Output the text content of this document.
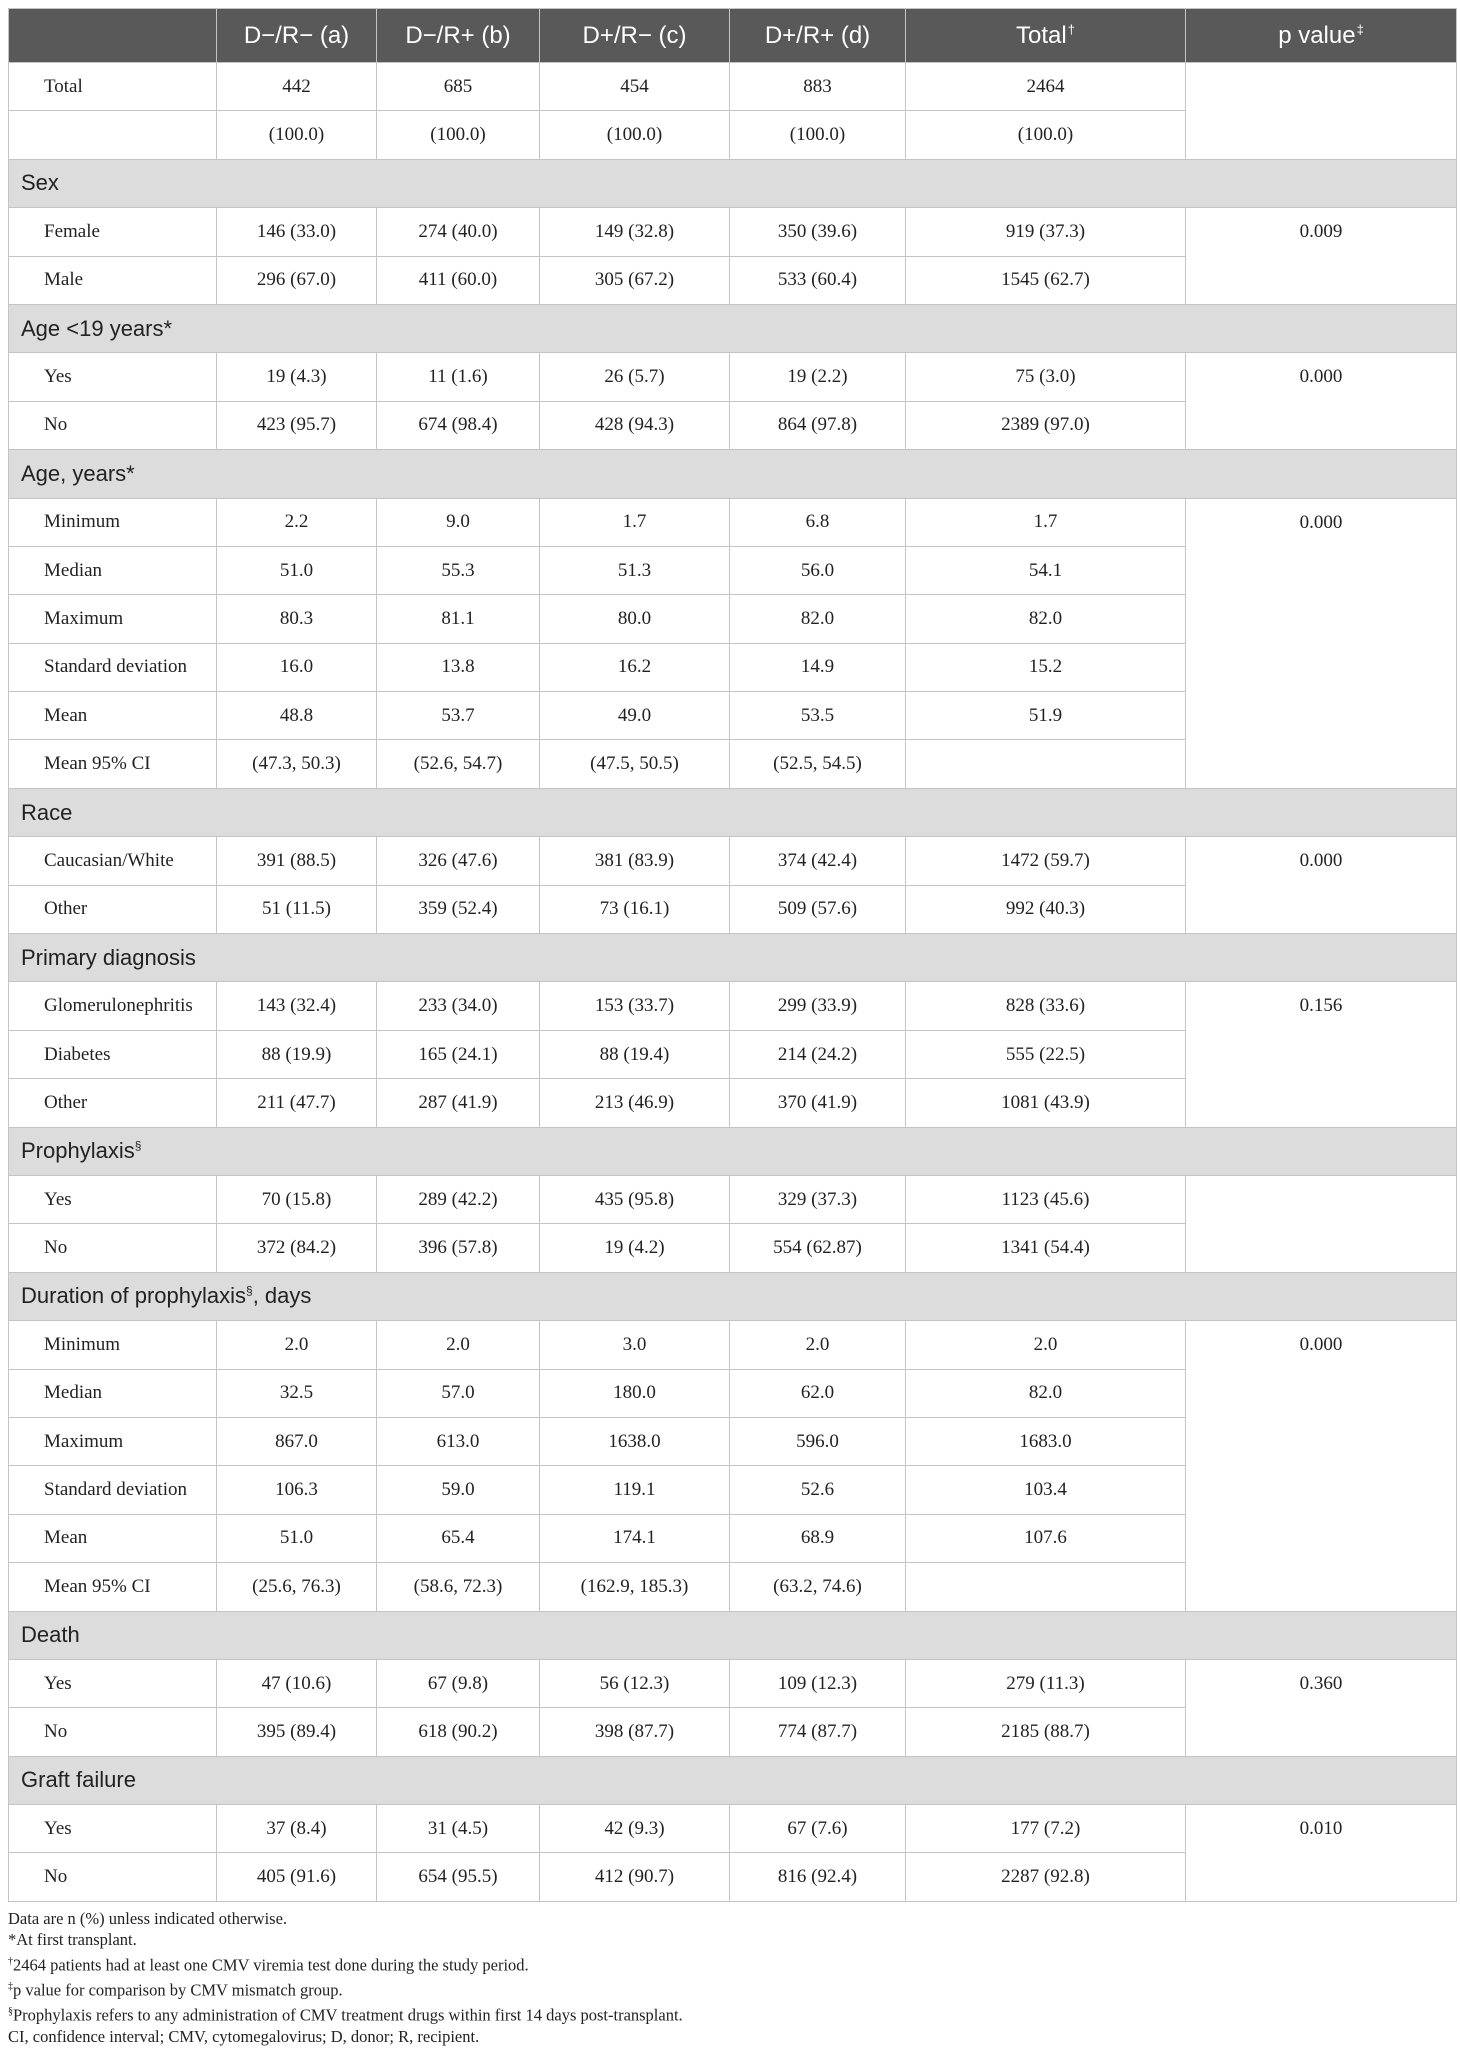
	D−/R− (a)	D−/R+ (b)	D+/R− (c)	D+/R+ (d)	Total†	p value‡
Total	442	685	454	883	2464	
	(100.0)	(100.0)	(100.0)	(100.0)	(100.0)	
Sex						
Female	146 (33.0)	274 (40.0)	149 (32.8)	350 (39.6)	919 (37.3)	0.009
Male	296 (67.0)	411 (60.0)	305 (67.2)	533 (60.4)	1545 (62.7)	
Age <19 years*						
Yes	19 (4.3)	11 (1.6)	26 (5.7)	19 (2.2)	75 (3.0)	0.000
No	423 (95.7)	674 (98.4)	428 (94.3)	864 (97.8)	2389 (97.0)	
Age, years*						
Minimum	2.2	9.0	1.7	6.8	1.7	0.000
Median	51.0	55.3	51.3	56.0	54.1	
Maximum	80.3	81.1	80.0	82.0	82.0	
Standard deviation	16.0	13.8	16.2	14.9	15.2	
Mean	48.8	53.7	49.0	53.5	51.9	
Mean 95% CI	(47.3, 50.3)	(52.6, 54.7)	(47.5, 50.5)	(52.5, 54.5)		
Race						
Caucasian/White	391 (88.5)	326 (47.6)	381 (83.9)	374 (42.4)	1472 (59.7)	0.000
Other	51 (11.5)	359 (52.4)	73 (16.1)	509 (57.6)	992 (40.3)	
Primary diagnosis						
Glomerulonephritis	143 (32.4)	233 (34.0)	153 (33.7)	299 (33.9)	828 (33.6)	0.156
Diabetes	88 (19.9)	165 (24.1)	88 (19.4)	214 (24.2)	555 (22.5)	
Other	211 (47.7)	287 (41.9)	213 (46.9)	370 (41.9)	1081 (43.9)	
Prophylaxis§
Yes	70 (15.8)	289 (42.2)	435 (95.8)	329 (37.3)	1123 (45.6)	
No	372 (84.2)	396 (57.8)	19 (4.2)	554 (62.87)	1341 (54.4)	
Duration of prophylaxis§, days						
Minimum	2.0	2.0	3.0	2.0	2.0	0.000
Median	32.5	57.0	180.0	62.0	82.0	
Maximum	867.0	613.0	1638.0	596.0	1683.0	
Standard deviation	106.3	59.0	119.1	52.6	103.4	
Mean	51.0	65.4	174.1	68.9	107.6	
Mean 95% CI	(25.6, 76.3)	(58.6, 72.3)	(162.9, 185.3)	(63.2, 74.6)		
Death						
Yes	47 (10.6)	67 (9.8)	56 (12.3)	109 (12.3)	279 (11.3)	0.360
No	395 (89.4)	618 (90.2)	398 (87.7)	774 (87.7)	2185 (88.7)	
Graft failure						
Yes	37 (8.4)	31 (4.5)	42 (9.3)	67 (7.6)	177 (7.2)	0.010
No	405 (91.6)	654 (95.5)	412 (90.7)	816 (92.4)	2287 (92.8)	
Data are n (%) unless indicated otherwise.
*At first transplant.
†2464 patients had at least one CMV viremia test done during the study period.
‡p value for comparison by CMV mismatch group.
§Prophylaxis refers to any administration of CMV treatment drugs within first 14 days post-transplant.
CI, confidence interval; CMV, cytomegalovirus; D, donor; R, recipient.
